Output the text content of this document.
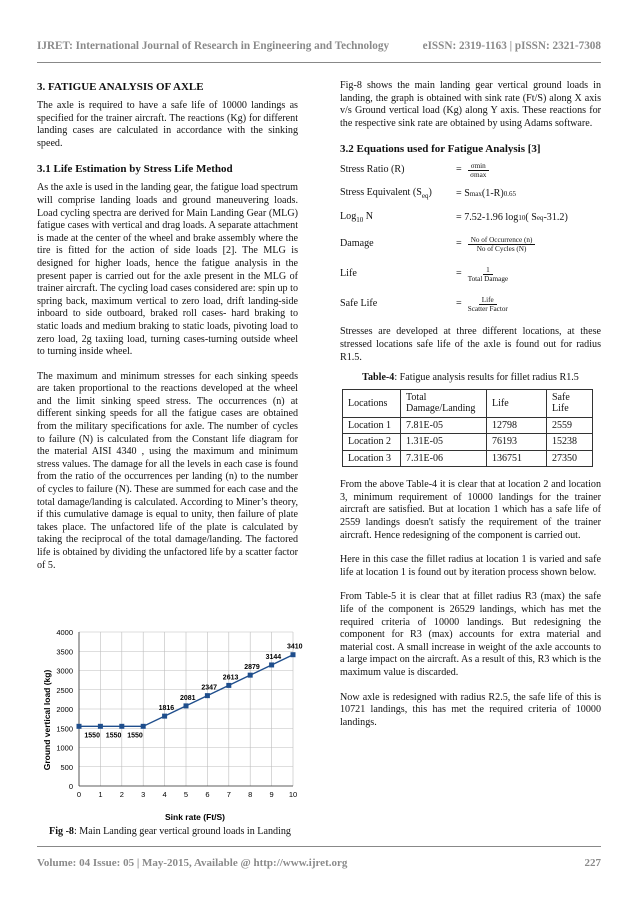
IJRET: International Journal of Research in Engineering and Technology	eISSN: 2319-1163 | pISSN: 2321-7308
3. FATIGUE ANALYSIS OF AXLE

The axle is required to have a safe life of 10000 landings as specified for the trainer aircraft. The reactions (Kg) for different landing cases are calculated in accordance with the sinking speed.

3.1 Life Estimation by Stress Life Method

As the axle is used in the landing gear, the fatigue load spectrum will comprise landing loads and ground maneuvering loads. Load cycling spectra are derived for Main Landing Gear (MLG) fatigue cases with vertical and drag loads. A separate attachment is made at the center of the wheel and brake assembly where the tire is fitted for the action of side loads [2]. The MLG is designed for higher loads, hence the fatigue analysis in the present paper is carried out for the axle present in the MLG of trainer aircraft. The cycling load cases considered are: spin up to spring back, maximum vertical to zero load, drift landing-side inboard to side outboard, braked roll cases- hard braking to static loads and medium braking to static loads, pivoting load to zero load, 2g taxiing load, turning cases-turning outside wheel to turning inside wheel.

The maximum and minimum stresses for each sinking speeds are taken proportional to the reactions developed at the wheel and the limit sinking speed stress. The occurrences (n) at different sinking speeds for all the fatigue cases are obtained from the military specifications for axle. The number of cycles to failure (N) is calculated from the Constant life diagram for the material AISI 4340 , using the maximum and minimum stress values. The damage for all the levels in each case is found from the ratio of the occurrences per landing (n) to the number of cycles to failure (N). These are summed for each case and the total damage/landing is calculated. According to Miner’s theory, if this cumulative damage is equal to unity, then failure of plate takes place. The unfactored life of the plate is calculated by taking the reciprocal of the total damage/landing. The factored life is obtained by dividing the unfactored life by a scatter factor of 5.

0
500
1000
1500
2000
2500
3000
3500
4000
0 1 2 3 4 5 6 7 8 9 10
1550 1550 1550
1816
2081
2347
2613
2879
3144
3410
Ground vertical load (kg)
Sink rate (Ft/S)
Fig -8: Main Landing gear vertical ground loads in Landing

Fig-8 shows the main landing gear vertical ground loads in landing, the graph is obtained with sink rate (Ft/S) along X axis v/s Ground vertical load (Kg) along Y axis. These reactions for the respective sink rate are obtained by using Adams software.

3.2 Equations used for Fatigue Analysis [3]
Stress Ratio (R)	= $\frac{\sigma\min}{\sigma\max}$
Stress Equivalent $(S_{eq})$	= S max (1-R) 0.65
Log$_{10}$ N	= 7.52-1.96 log 10 ( S eq -31.2)
Damage	= $\frac{\text{No of Occurrence (n)}}{\text{No of Cycles (N)}}$
Life	= $\frac{1}{\text{Total Damage}}$
Safe Life	= $\frac{\text{Life}}{\text{Scatter Factor}}$

Stresses are developed at three different locations, at these stressed locations safe life of the axle is found out for radius R1.5.

Table-4: Fatigue analysis results for fillet radius R1.5
Locations	Total Damage/Landing	Life	Safe Life
Location 1	7.81E-05	12798	2559
Location 2	1.31E-05	76193	15238
Location 3	7.31E-06	136751	27350

From the above Table-4 it is clear that at location 2 and location 3, minimum requirement of 10000 landings for the trainer aircraft are satisfied. But at location 1 which has a safe life of 2559 landings doesn't satisfy the requirement of the trainer aircraft. Hence redesigning of the component is carried out.

Here in this case the fillet radius at location 1 is varied and safe life at location 1 is found out by iteration process shown below.

From Table-5 it is clear that at fillet radius R3 (max) the safe life of the component is 26529 landings, which has met the required criteria of 10000 landings. But redesigning the component for R3 (max) accounts for extra material and material cost. A small increase in weight of the axle accounts to a large impact on the aircraft. As a result of this, R3 which is the maximum value is discarded.

Now axle is redesigned with radius R2.5, the safe life of this is 10721 landings, this has met the required criteria of 10000 landings.

Volume: 04 Issue: 05 | May-2015, Available @ http://www.ijret.org	227
